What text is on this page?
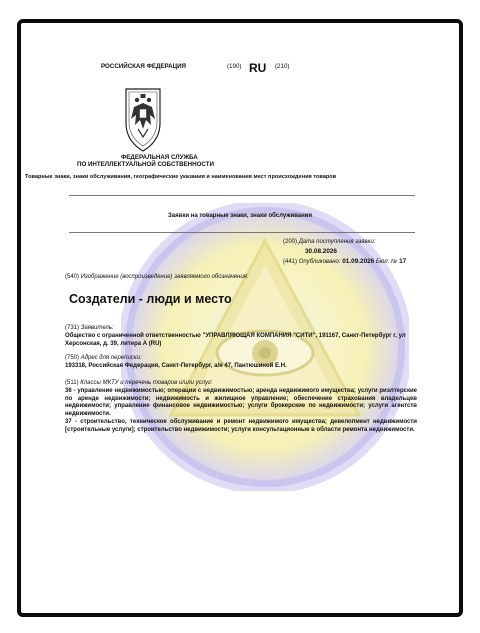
РОССИЙСКАЯ ФЕДЕРАЦИЯ	(190) RU (210)
ФЕДЕРАЛЬНАЯ СЛУЖБА
ПО ИНТЕЛЛЕКТУАЛЬНОЙ СОБСТВЕННОСТИ
Товарные знаки, знаки обслуживания, географические указания и наименования мест происхождения товаров
Заявки на товарные знаки, знаки обслуживания
(200) Дата поступления заявки:
30.08.2026
(441) Опубликовано: 01.09.2026 Бюл. № 17
(540) Изображение (воспроизведение) заявляемого обозначения:
Создатели - люди и место
(731) Заявитель:
Общество с ограниченной ответственностью "УПРАВЛЯЮЩАЯ КОМПАНИЯ "СИТИ", 191167, Санкт-Петербург г, ул Херсонская, д. 39, литера А (RU)
(750) Адрес для переписки:
193318, Российская Федерация, Санкт-Петербург, а/я 47, Пантюшиной Е.Н.
(511) Классы МКТУ и перечень товаров и/или услуг:
36 - управление недвижимостью; операции с недвижимостью; аренда недвижимого имущества; услуги риэлтерские по аренде недвижимости; недвижимость и жилищное управление; обеспечение страхования владельцев недвижимости; управление финансовое недвижимостью; услуги брокерские по недвижимости; услуги агентств недвижимости.
37 - строительство, техническое обслуживание и ремонт недвижимого имущества; девелопмент недвижимости [строительные услуги]; строительство недвижимости; услуги консультационные в области ремонта недвижимости.
